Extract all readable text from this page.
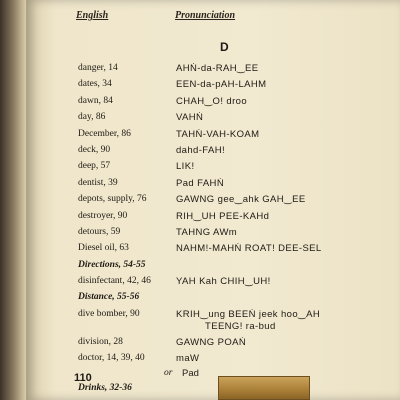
English	Pronunciation
D
danger, 14	AHṄ-da-RAH‿EE
dates, 34	EEN-da-pAH-LAHM
dawn, 84	CHAH‿O! droo
day, 86	VAHṄ
December, 86	TAHṄ-VAH-KOAM
deck, 90	dahd-FAH!
deep, 57	LIK!
dentist, 39	Pad FAHṄ
depots, supply, 76	GAWNG gee‿ahk GAH‿EE
destroyer, 90	RIH‿UH PEE-KAHd
detours, 59	TAHNG AWm
Diesel oil, 63	NAHM!-MAHṄ ROAT! DEE-SEL
Directions, 54-55
disinfectant, 42, 46	YAH Kah CHIH‿UH!
Distance, 55-56
dive bomber, 90	KRIH‿ung BEEṄ jeek hoo‿AH
TEENG! ra-bud
division, 28	GAWNG POAṄ
doctor, 14, 39, 40	maW
or Pad
Drinks, 32-36
110
